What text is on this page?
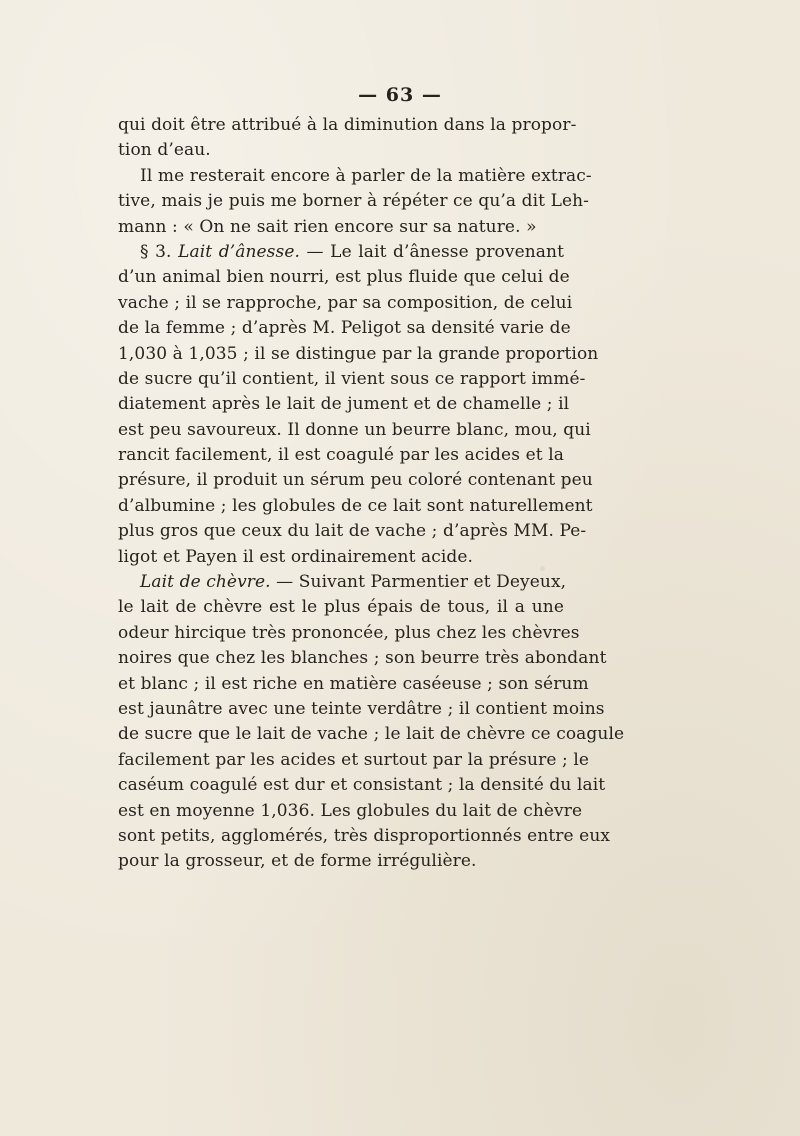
— 63 —
qui doit être attribué à la diminution dans la propor-
tion d’eau.
Il me resterait encore à parler de la matière extrac-
tive, mais je puis me borner à répéter ce qu’a dit Leh-
mann : « On ne sait rien encore sur sa nature. »
§ 3. Lait d’ânesse. — Le lait d’ânesse provenant
d’un animal bien nourri, est plus fluide que celui de
vache ; il se rapproche, par sa composition, de celui
de la femme ; d’après M. Peligot sa densité varie de
1,030 à 1,035 ; il se distingue par la grande proportion
de sucre qu’il contient, il vient sous ce rapport immé-
diatement après le lait de jument et de chamelle ; il
est peu savoureux. Il donne un beurre blanc, mou, qui
rancit facilement, il est coagulé par les acides et la
présure, il produit un sérum peu coloré contenant peu
d’albumine ; les globules de ce lait sont naturellement
plus gros que ceux du lait de vache ; d’après MM. Pe-
ligot et Payen il est ordinairement acide.
Lait de chèvre. — Suivant Parmentier et Deyeux,
le lait de chèvre est le plus épais de tous, il a une
odeur hircique très prononcée, plus chez les chèvres
noires que chez les blanches ; son beurre très abondant
et blanc ; il est riche en matière caséeuse ; son sérum
est jaunâtre avec une teinte verdâtre ; il contient moins
de sucre que le lait de vache ; le lait de chèvre ce coagule
facilement par les acides et surtout par la présure ; le
caséum coagulé est dur et consistant ; la densité du lait
est en moyenne 1,036. Les globules du lait de chèvre
sont petits, agglomérés, très disproportionnés entre eux
pour la grosseur, et de forme irrégulière.
